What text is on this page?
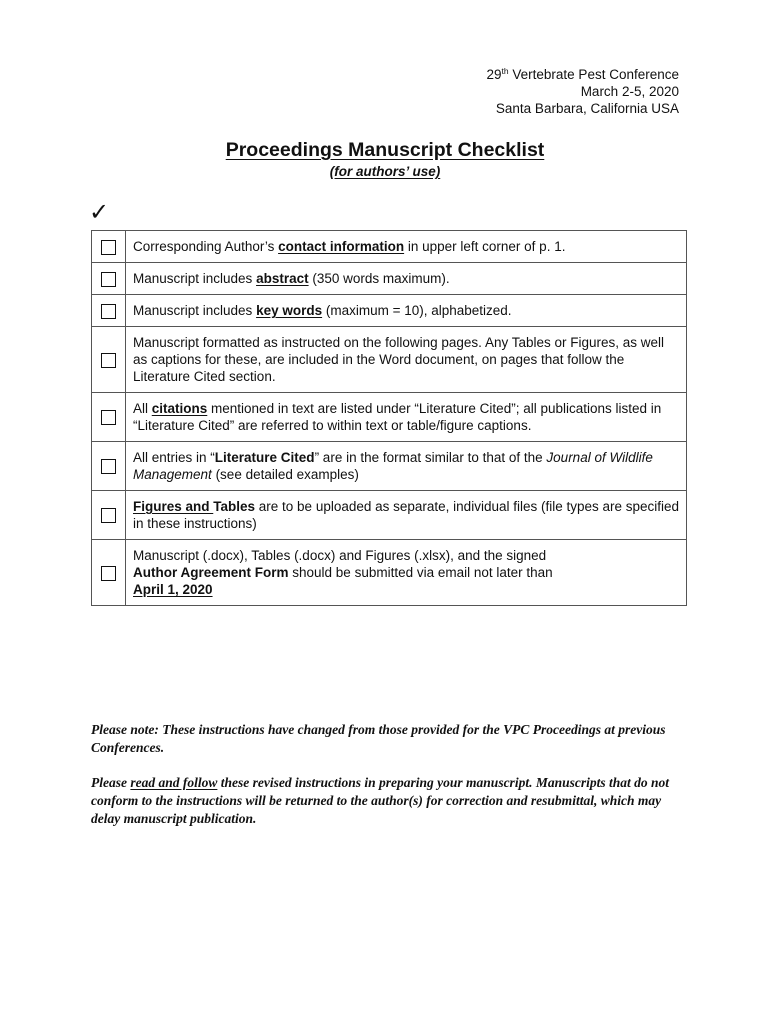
29th Vertebrate Pest Conference
March 2-5, 2020
Santa Barbara, California USA
Proceedings Manuscript Checklist
(for authors’ use)
✓
	Corresponding Author’s contact information in upper left corner of p. 1.
	Manuscript includes abstract (350 words maximum).
	Manuscript includes key words (maximum = 10), alphabetized.
	Manuscript formatted as instructed on the following pages. Any Tables or Figures, as well as captions for these, are included in the Word document, on pages that follow the Literature Cited section.
	All citations mentioned in text are listed under “Literature Cited”; all publications listed in “Literature Cited” are referred to within text or table/figure captions.
	All entries in “Literature Cited” are in the format similar to that of the Journal of Wildlife Management (see detailed examples)
	Figures and Tables are to be uploaded as separate, individual files (file types are specified in these instructions)
	Manuscript (.docx), Tables (.docx) and Figures (.xlsx), and the signed
Author Agreement Form should be submitted via email not later than
April 1, 2020
Please note: These instructions have changed from those provided for the VPC Proceedings at previous Conferences.
Please read and follow these revised instructions in preparing your manuscript. Manuscripts that do not conform to the instructions will be returned to the author(s) for correction and resubmittal, which may delay manuscript publication.
